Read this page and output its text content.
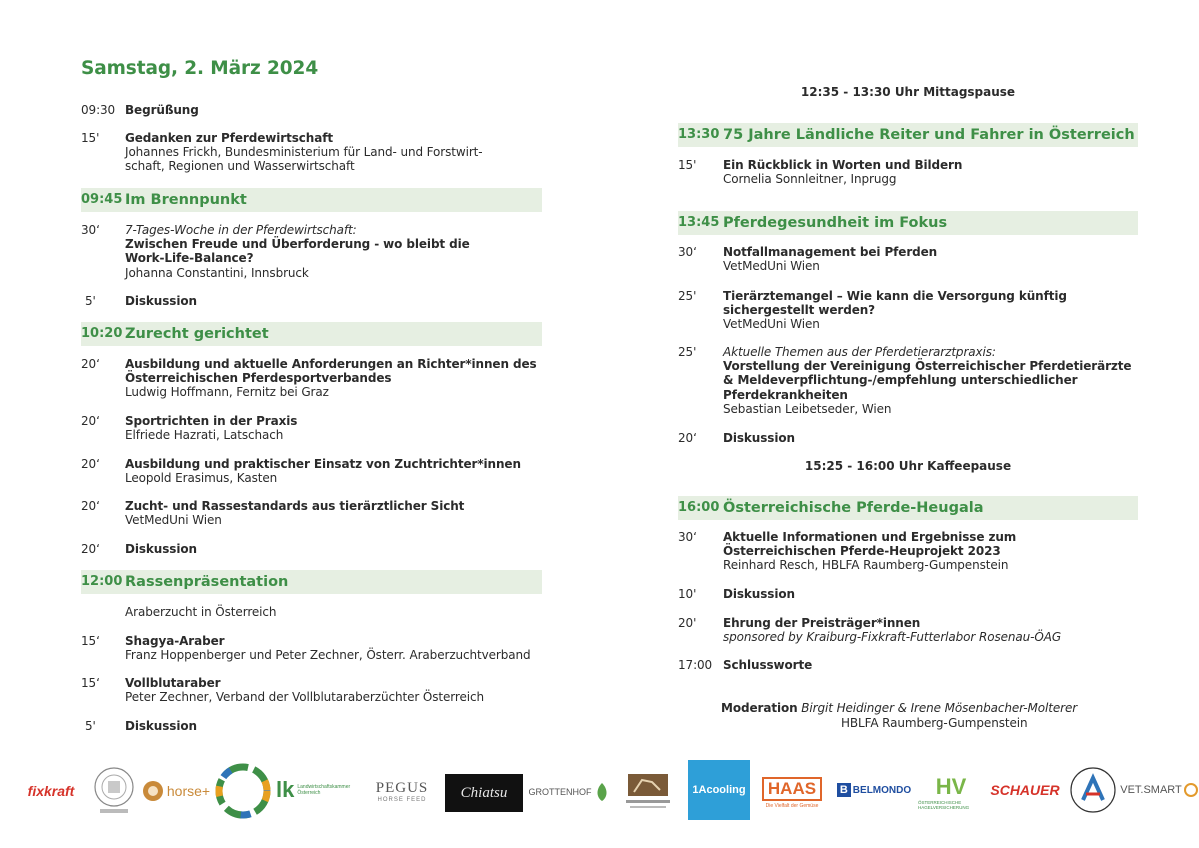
Samstag, 2. März 2024
09:30 Begrüßung
15'	Gedanken zur Pferdewirtschaft
Johannes Frickh, Bundesministerium für Land- und Forstwirt-
schaft, Regionen und Wasserwirtschaft
09:45 Im Brennpunkt
30‘	7-Tages-Woche in der Pferdewirtschaft:
Zwischen Freude und Überforderung - wo bleibt die
Work-Life-Balance?
Johanna Constantini, Innsbruck
5'	Diskussion
10:20 Zurecht gerichtet
20‘	Ausbildung und aktuelle Anforderungen an Richter*innen des
Österreichischen Pferdesportverbandes
Ludwig Hoffmann, Fernitz bei Graz
20‘	Sportrichten in der Praxis
Elfriede Hazrati, Latschach
20‘	Ausbildung und praktischer Einsatz von Zuchtrichter*innen
Leopold Erasimus, Kasten
20‘	Zucht- und Rassestandards aus tierärztlicher Sicht
VetMedUni Wien
20‘	Diskussion
12:00 Rassenpräsentation
Araberzucht in Österreich
15‘	Shagya-Araber
Franz Hoppenberger und Peter Zechner, Österr. Araberzuchtverband
15‘	Vollblutaraber
Peter Zechner, Verband der Vollblutaraberzüchter Österreich
5'	Diskussion
12:35 - 13:30 Uhr Mittagspause
13:30 75 Jahre Ländliche Reiter und Fahrer in Österreich
15'	Ein Rückblick in Worten und Bildern
Cornelia Sonnleitner, Inprugg
13:45 Pferdegesundheit im Fokus
30‘	Notfallmanagement bei Pferden
VetMedUni Wien
25'	Tierärztemangel – Wie kann die Versorgung künftig
sichergestellt werden?
VetMedUni Wien
25'	Aktuelle Themen aus der Pferdetierarztpraxis:
Vorstellung der Vereinigung Österreichischer Pferdetierärzte
& Meldeverpflichtung-/empfehlung unterschiedlicher
Pferdekrankheiten
Sebastian Leibetseder, Wien
20‘	Diskussion
15:25 - 16:00 Uhr Kaffeepause
16:00 Österreichische Pferde-Heugala
30‘	Aktuelle Informationen und Ergebnisse zum
Österreichischen Pferde-Heuprojekt 2023
Reinhard Resch, HBLFA Raumberg-Gumpenstein
10'	Diskussion
20'	Ehrung der Preisträger*innen
sponsored by Kraiburg-Fixkraft-Futterlabor Rosenau-ÖAG
17:00 Schlussworte
Moderation Birgit Heidinger & Irene Mösenbacher-Molterer
HBLFA Raumberg-Gumpenstein
fixkraft	horse+	lk Landwirtschaftskammer Österreich	PEGUS
HORSE FEED	Chiatsu	GROTTENHOF	1Acooling	HAAS
Die Vielfalt der Gemüse
B BELMONDO HV
ÖSTERREICHISCHE HAGELVERSICHERUNG
SCHAUER	VET.SMART
